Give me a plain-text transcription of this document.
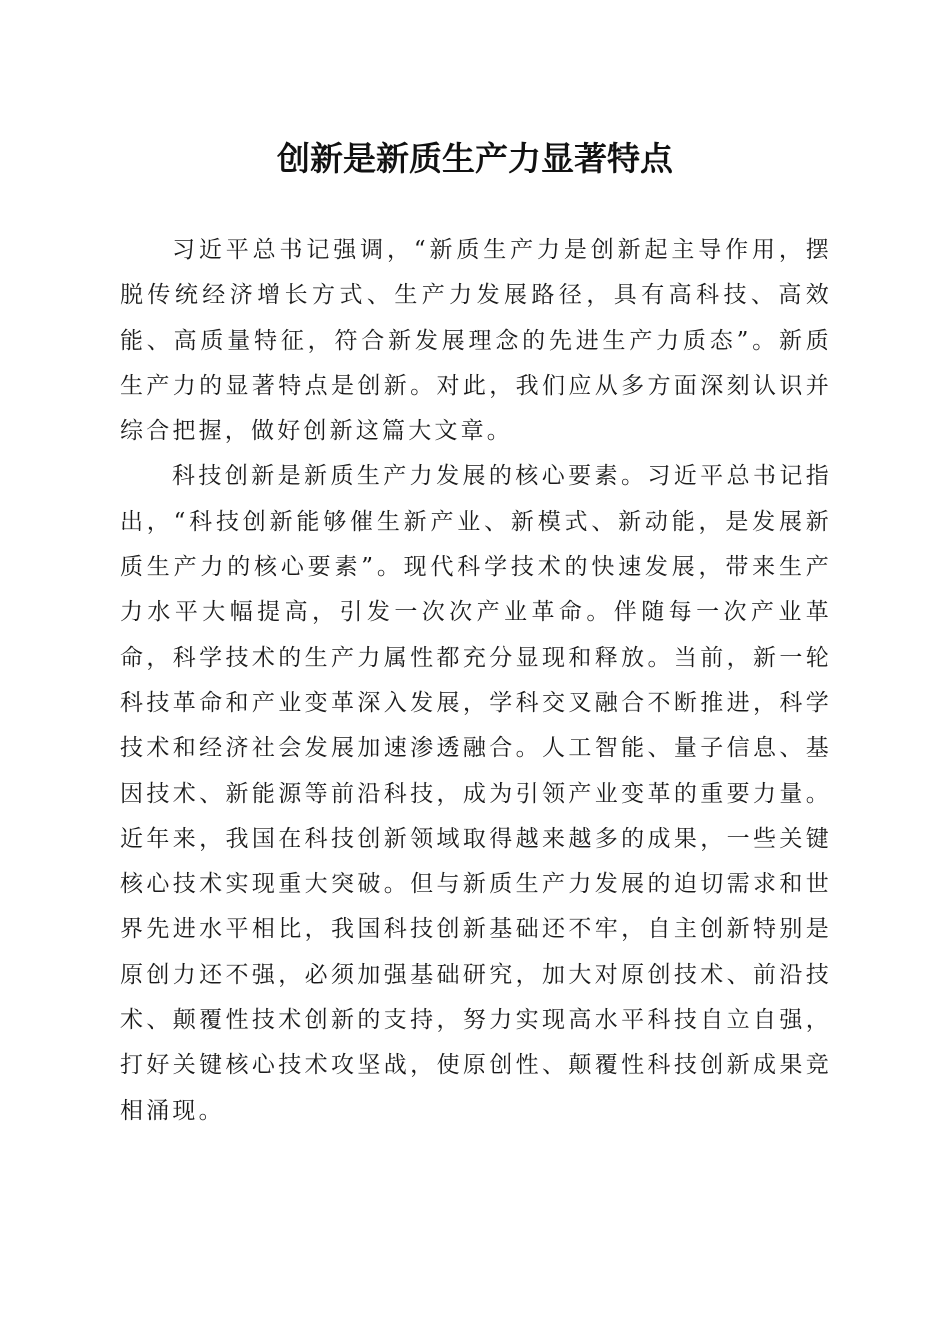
创新是新质生产力显著特点

习近平总书记强调，“新质生产力是创新起主导作用，摆脱传统经济增长方式、生产力发展路径，具有高科技、高效能、高质量特征，符合新发展理念的先进生产力质态”。新质生产力的显著特点是创新。对此，我们应从多方面深刻认识并综合把握，做好创新这篇大文章。

科技创新是新质生产力发展的核心要素。习近平总书记指出，“科技创新能够催生新产业、新模式、新动能，是发展新质生产力的核心要素”。现代科学技术的快速发展，带来生产力水平大幅提高，引发一次次产业革命。伴随每一次产业革命，科学技术的生产力属性都充分显现和释放。当前，新一轮科技革命和产业变革深入发展，学科交叉融合不断推进，科学技术和经济社会发展加速渗透融合。人工智能、量子信息、基因技术、新能源等前沿科技，成为引领产业变革的重要力量。近年来，我国在科技创新领域取得越来越多的成果，一些关键核心技术实现重大突破。但与新质生产力发展的迫切需求和世界先进水平相比，我国科技创新基础还不牢，自主创新特别是原创力还不强，必须加强基础研究，加大对原创技术、前沿技术、颠覆性技术创新的支持，努力实现高水平科技自立自强，打好关键核心技术攻坚战，使原创性、颠覆性科技创新成果竞相涌现。
